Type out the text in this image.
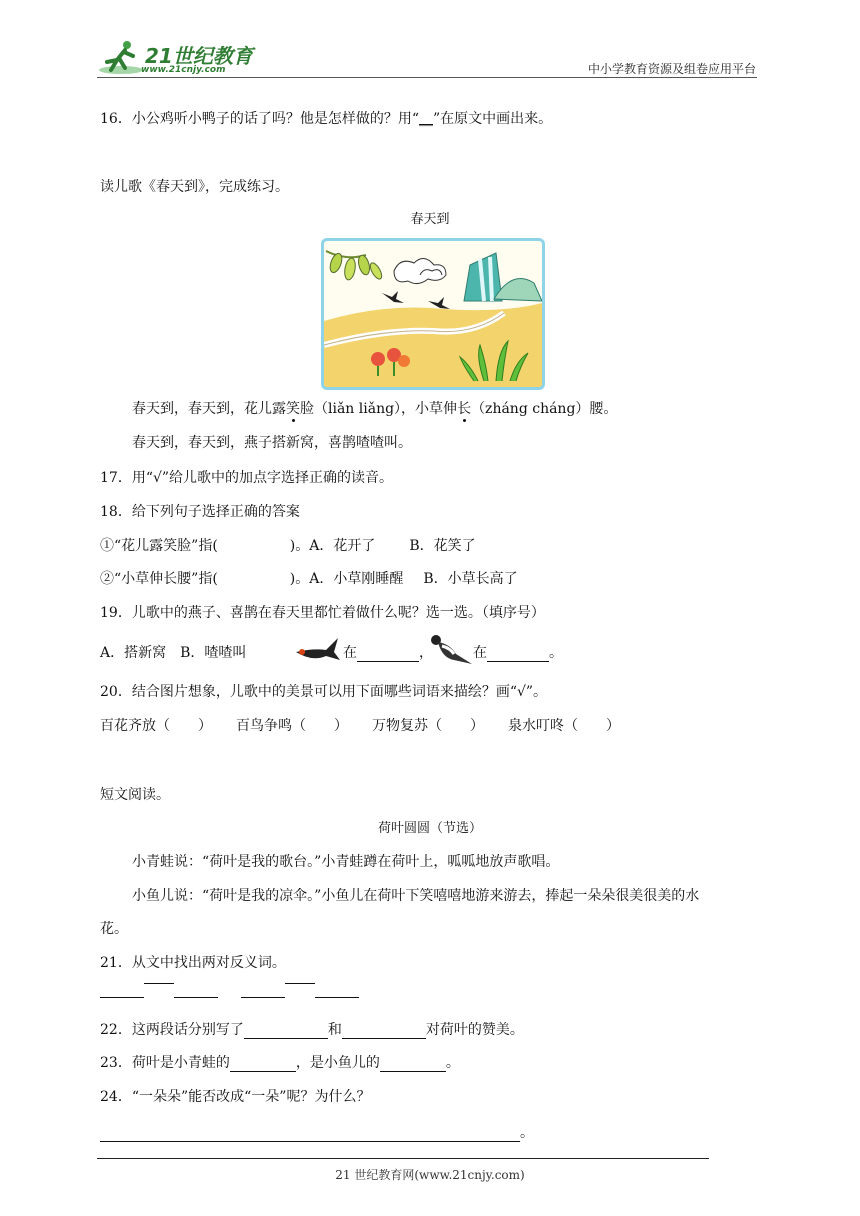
21世纪教育
www.21cnjy.com	中小学教育资源及组卷应用平台
16．小公鸡听小鸭子的话了吗？他是怎样做的？用“__”在原文中画出来。
读儿歌《春天到》，完成练习。
春天到
春天到，春天到，花儿露笑脸（liǎn liǎng），小草伸长（zháng cháng）腰。
春天到，春天到，燕子搭新窝，喜鹊喳喳叫。
17．用“√”给儿歌中的加点字选择正确的读音。
18．给下列句子选择正确的答案
①“花儿露笑脸”指(	)。A．花开了 B．花笑了
②“小草伸长腰”指(	)。A．小草刚睡醒 B．小草长高了
19．儿歌中的燕子、喜鹊在春天里都忙着做什么呢？选一选。（填序号）
A．搭新窝　B．喳喳叫	在	，	在	。
20．结合图片想象，儿歌中的美景可以用下面哪些词语来描绘？画“√”。
百花齐放（　　） 百鸟争鸣（　　） 万物复苏（　　） 泉水叮咚（　　）
短文阅读。
荷叶圆圆（节选）
小青蛙说：“荷叶是我的歌台。”小青蛙蹲在荷叶上，呱呱地放声歌唱。
小鱼儿说：“荷叶是我的凉伞。”小鱼儿在荷叶下笑嘻嘻地游来游去，捧起一朵朵很美很美的水
花。
21．从文中找出两对反义词。

22．这两段话分别写了	和	对荷叶的赞美。
23．荷叶是小青蛙的	，是小鱼儿的	。
24．“一朵朵”能否改成“一朵”呢？为什么？
。
21 世纪教育网(www.21cnjy.com)
